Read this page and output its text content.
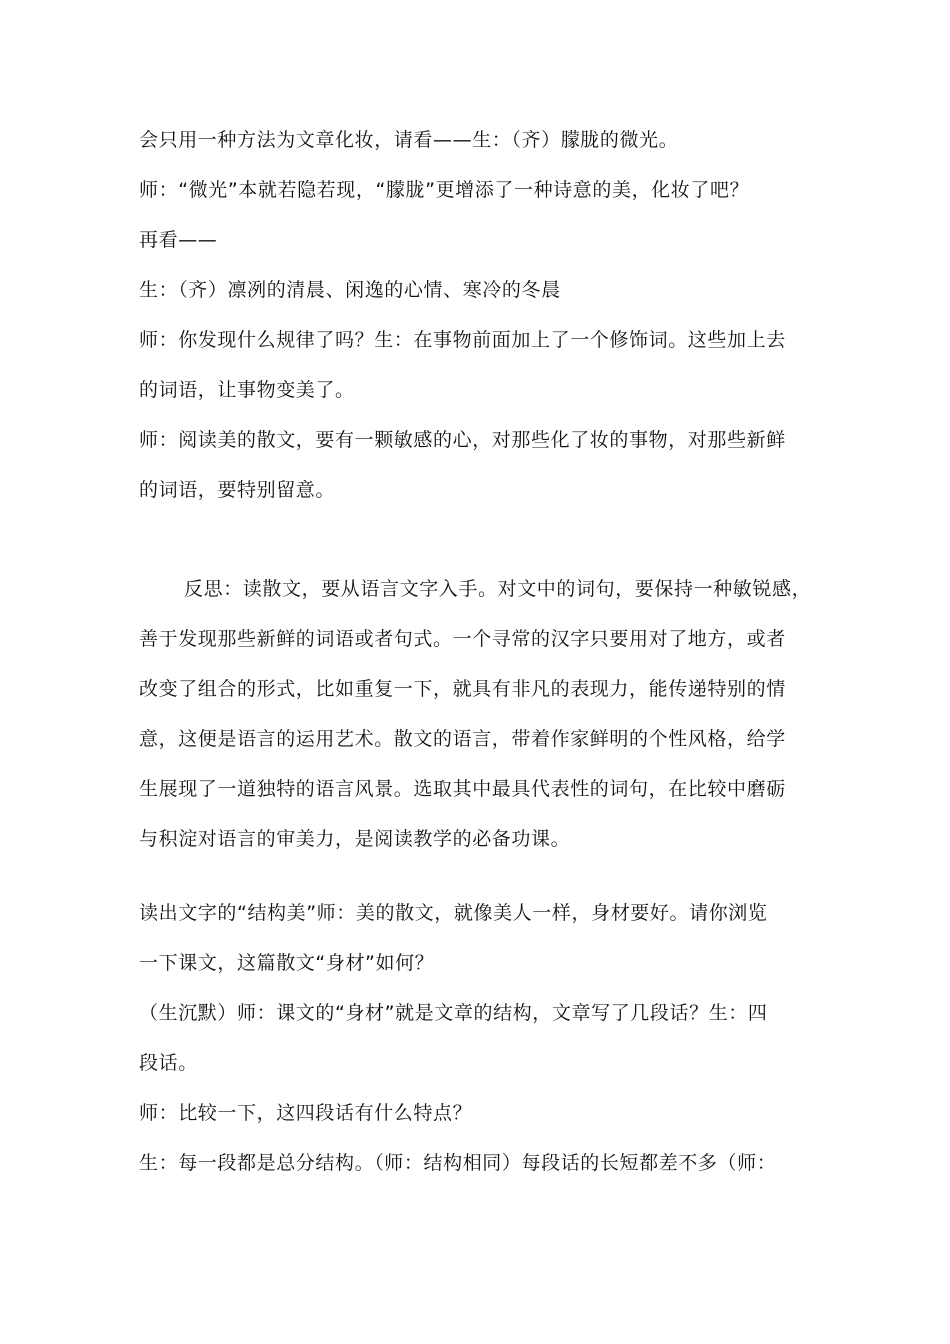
会只用一种方法为文章化妆，请看——生：（齐）朦胧的微光。
师：“微光”本就若隐若现，“朦胧”更增添了一种诗意的美，化妆了吧？
再看——
生：（齐）凛冽的清晨、闲逸的心情、寒冷的冬晨
师：你发现什么规律了吗？生：在事物前面加上了一个修饰词。这些加上去
的词语，让事物变美了。
师：阅读美的散文，要有一颗敏感的心，对那些化了妆的事物，对那些新鲜
的词语，要特别留意。
反思：读散文，要从语言文字入手。对文中的词句，要保持一种敏锐感，
善于发现那些新鲜的词语或者句式。一个寻常的汉字只要用对了地方，或者
改变了组合的形式，比如重复一下，就具有非凡的表现力，能传递特别的情
意，这便是语言的运用艺术。散文的语言，带着作家鲜明的个性风格，给学
生展现了一道独特的语言风景。选取其中最具代表性的词句，在比较中磨砺
与积淀对语言的审美力，是阅读教学的必备功课。
读出文字的“结构美”师：美的散文，就像美人一样，身材要好。请你浏览
一下课文，这篇散文“身材”如何？
（生沉默）师：课文的“身材”就是文章的结构，文章写了几段话？生：四
段话。
师：比较一下，这四段话有什么特点？
生：每一段都是总分结构。（师：结构相同）每段话的长短都差不多（师：
